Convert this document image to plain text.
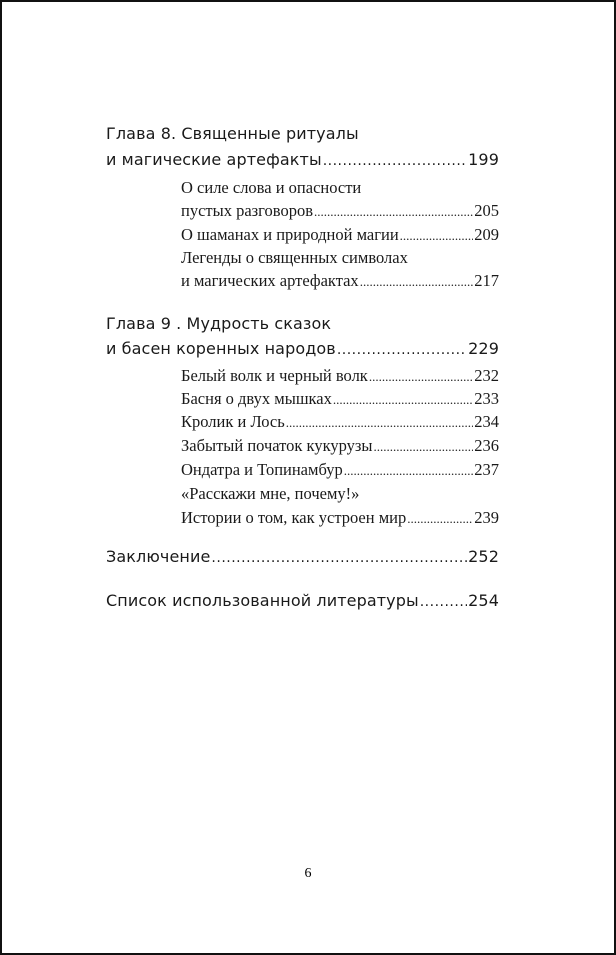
Глава 8. Священные ритуалы
и магические артефакты .....	199
О силе слова и опасности
пустых разговоров .....	205
О шаманах и природной магии .....	209
Легенды о священных символах
и магических артефактах .....	217
Глава 9 . Мудрость сказок
и басен коренных народов .....	229
Белый волк и черный волк .....	232
Басня о двух мышках .....	233
Кролик и Лось .....	234
Забытый початок кукурузы .....	236
Ондатра и Топинамбур .....	237
«Расскажи мне, почему!»
Истории о том, как устроен мир .....	239
Заключение .....	252
Список использованной литературы .....	254
6
